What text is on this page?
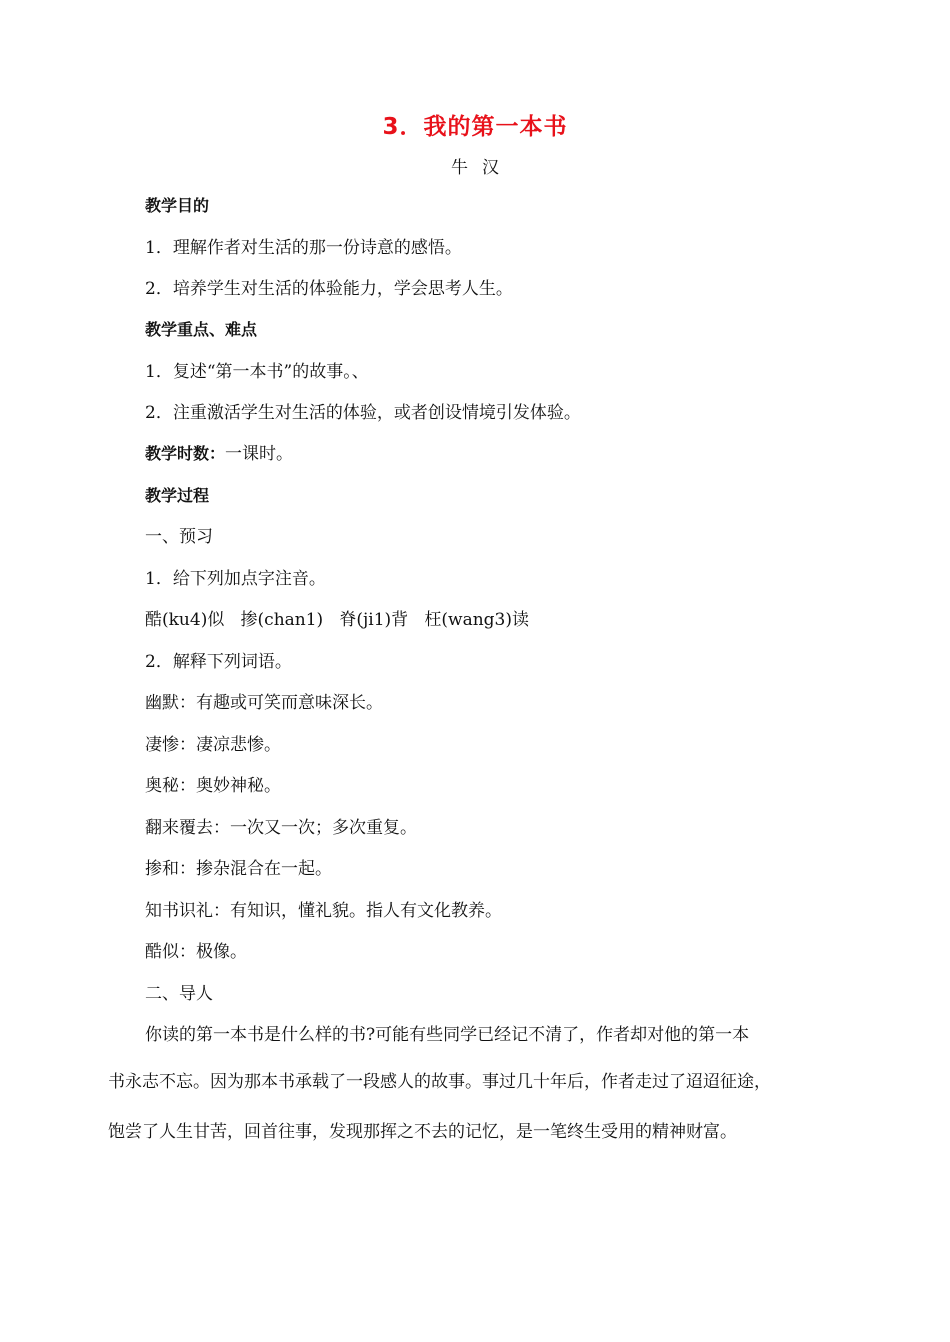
3．我的第一本书
牛汉
教学目的
1．理解作者对生活的那一份诗意的感悟。
2．培养学生对生活的体验能力，学会思考人生。
教学重点、难点
1．复述“第一本书”的故事。、
2．注重激活学生对生活的体验，或者创设情境引发体验。
教学时数：一课时。
教学过程
一、预习
1．给下列加点字注音。
酷(ku4)似   掺(chan1)   脊(ji1)背   枉(wang3)读
2．解释下列词语。
幽默：有趣或可笑而意味深长。
凄惨：凄凉悲惨。
奥秘：奥妙神秘。
翻来覆去：一次又一次；多次重复。
掺和：掺杂混合在一起。
知书识礼：有知识，懂礼貌。指人有文化教养。
酷似：极像。
二、导人
你读的第一本书是什么样的书?可能有些同学已经记不清了，作者却对他的第一本
书永志不忘。因为那本书承载了一段感人的故事。事过几十年后，作者走过了迢迢征途，
饱尝了人生甘苦，回首往事，发现那挥之不去的记忆，是一笔终生受用的精神财富。
